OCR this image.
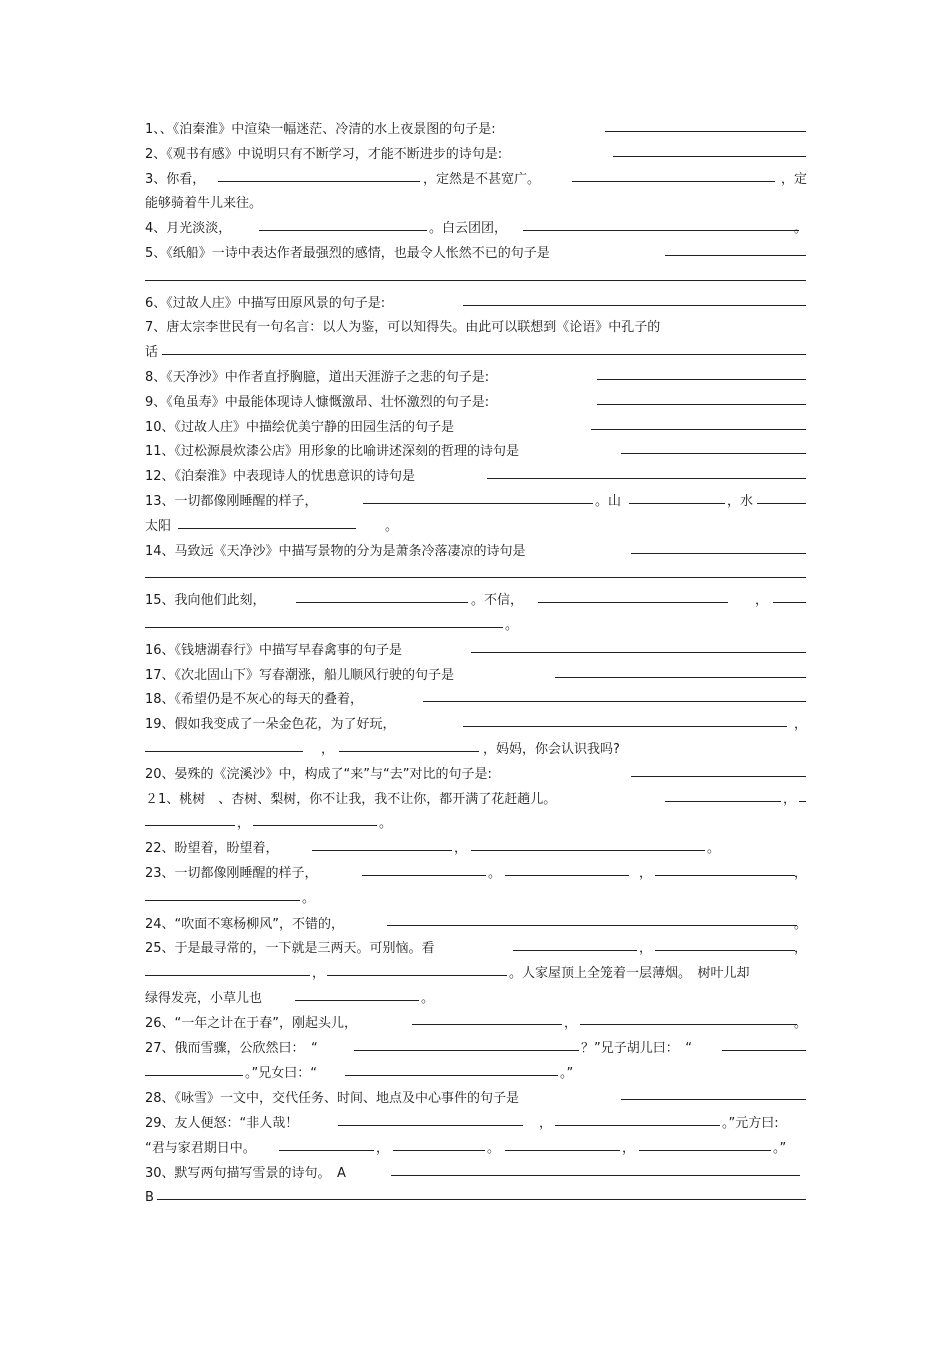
1、、《泊秦淮》中渲染一幅迷茫、冷清的水上夜景图的句子是:
2、《观书有感》中说明只有不断学习，才能不断进步的诗句是:
3、你看，	，定然是不甚宽广。	，定
能够骑着牛儿来往。
4、月光淡淡，	。白云团团，	。
5、《纸船》一诗中表达作者最强烈的感情，也最令人怅然不已的句子是
6、《过故人庄》中描写田原风景的句子是:
7、唐太宗李世民有一句名言：以人为鉴，可以知得失。由此可以联想到《论语》中孔子的
话
8、《天净沙》中作者直抒胸臆，道出天涯游子之悲的句子是:
9、《龟虽寿》中最能体现诗人慷慨激昂、壮怀激烈的句子是:
10、《过故人庄》中描绘优美宁静的田园生活的句子是
11、《过松源晨炊漆公店》用形象的比喻讲述深刻的哲理的诗句是
12、《泊秦淮》中表现诗人的忧患意识的诗句是
13、一切都像刚睡醒的样子，	。山	，水
太阳	。
14、马致远《天净沙》中描写景物的分为是萧条冷落凄凉的诗句是
15、我向他们此刻，	。不信，	，
。
16、《钱塘湖春行》中描写早春禽事的句子是
17、《次北固山下》写春潮涨，船儿顺风行驶的句子是
18、《希望仍是不灰心的每天的叠着，
19、假如我变成了一朵金色花，为了好玩，	，
，	，妈妈，你会认识我吗?
20、晏殊的《浣溪沙》中，构成了“来”与“去”对比的句子是:
２1、桃树　、杏树、梨树，你不让我，我不让你，都开满了花赶趟儿。	，
，	。
22、盼望着，盼望着，	，	。
23、一切都像刚睡醒的样子，	。	，	，
。
24、“吹面不寒杨柳风”，不错的，	。
25、于是最寻常的，一下就是三两天。可别恼。看	，	，
，	。人家屋顶上全笼着一层薄烟。　树叶儿却
绿得发亮，小草儿也	。
26、“一年之计在于春”，刚起头儿，	，	。
27、俄而雪骤，公欣然曰：　“	？”兄子胡儿曰：　“
。”兄女曰：“	。”
28、《咏雪》一文中，交代任务、时间、地点及中心事件的句子是
29、友人便怒：“非人哉！	，	。”元方曰:
“君与家君期日中。	，	。	，	。”
30、默写两句描写雪景的诗句。　A
B
